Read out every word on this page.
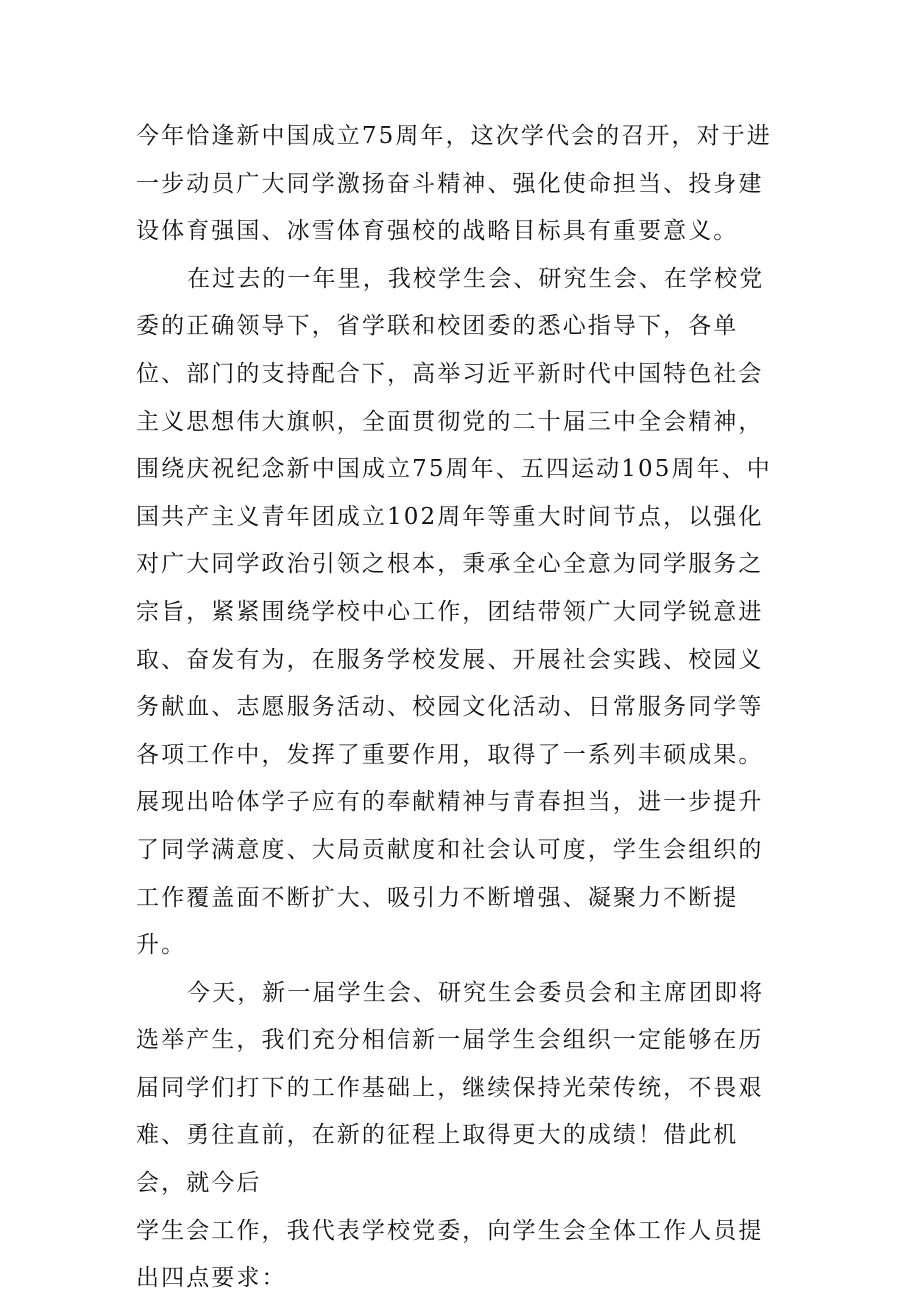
今年恰逢新中国成立75周年，这次学代会的召开，对于进一步动员广大同学激扬奋斗精神、强化使命担当、投身建设体育强国、冰雪体育强校的战略目标具有重要意义。

在过去的一年里，我校学生会、研究生会、在学校党委的正确领导下，省学联和校团委的悉心指导下，各单位、部门的支持配合下，高举习近平新时代中国特色社会主义思想伟大旗帜，全面贯彻党的二十届三中全会精神，围绕庆祝纪念新中国成立75周年、五四运动105周年、中国共产主义青年团成立102周年等重大时间节点，以强化对广大同学政治引领之根本，秉承全心全意为同学服务之宗旨，紧紧围绕学校中心工作，团结带领广大同学锐意进取、奋发有为，在服务学校发展、开展社会实践、校园义务献血、志愿服务活动、校园文化活动、日常服务同学等各项工作中，发挥了重要作用，取得了一系列丰硕成果。展现出哈体学子应有的奉献精神与青春担当，进一步提升了同学满意度、大局贡献度和社会认可度，学生会组织的工作覆盖面不断扩大、吸引力不断增强、凝聚力不断提升。

今天，新一届学生会、研究生会委员会和主席团即将选举产生，我们充分相信新一届学生会组织一定能够在历届同学们打下的工作基础上，继续保持光荣传统，不畏艰难、勇往直前，在新的征程上取得更大的成绩！借此机会，就今后

学生会工作，我代表学校党委，向学生会全体工作人员提出四点要求：
